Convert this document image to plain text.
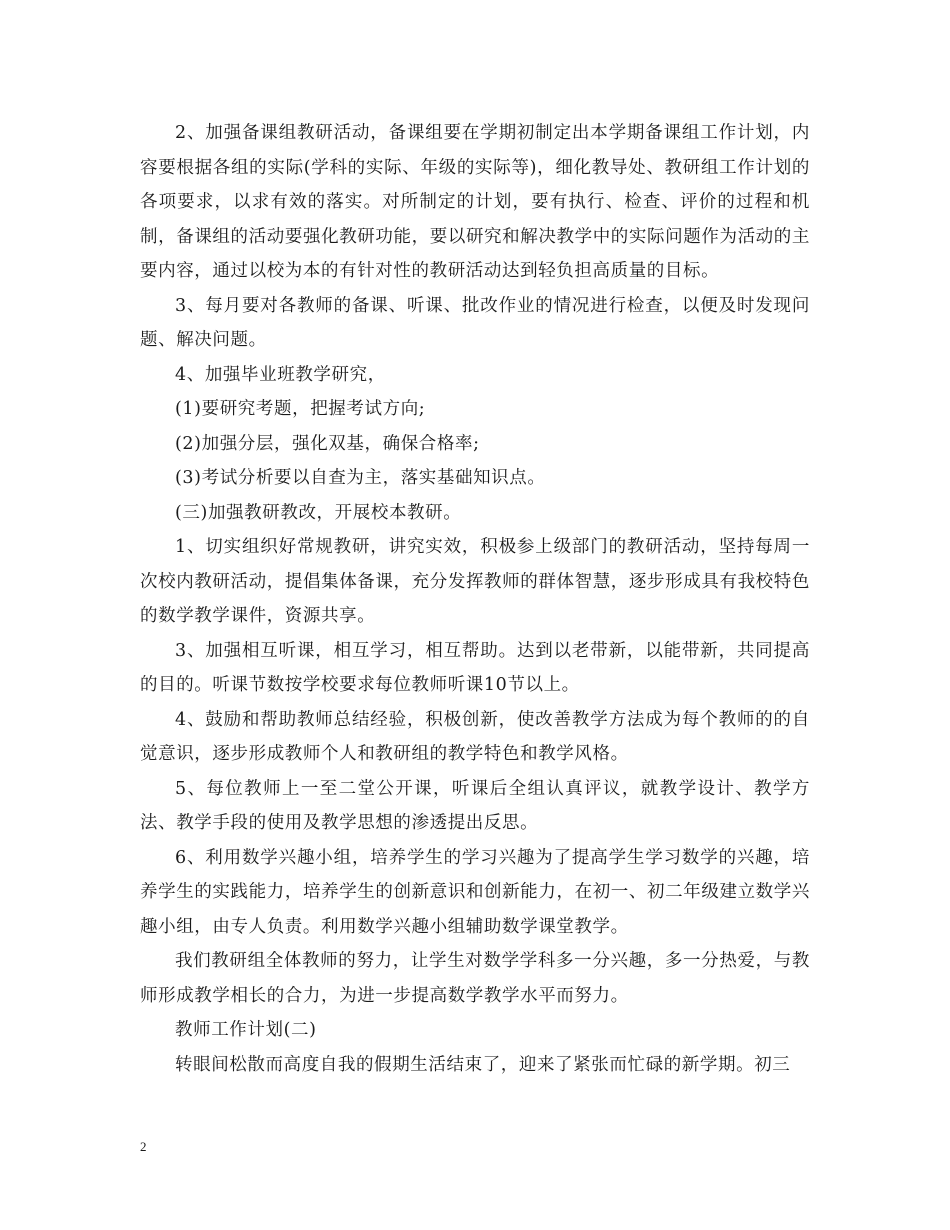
2、加强备课组教研活动，备课组要在学期初制定出本学期备课组工作计划，内容要根据各组的实际(学科的实际、年级的实际等)，细化教导处、教研组工作计划的各项要求，以求有效的落实。对所制定的计划，要有执行、检查、评价的过程和机制，备课组的活动要强化教研功能，要以研究和解决教学中的实际问题作为活动的主要内容，通过以校为本的有针对性的教研活动达到轻负担高质量的目标。

3、每月要对各教师的备课、听课、批改作业的情况进行检查，以便及时发现问题、解决问题。

4、加强毕业班教学研究，

(1)要研究考题，把握考试方向;

(2)加强分层，强化双基，确保合格率;

(3)考试分析要以自查为主，落实基础知识点。

(三)加强教研教改，开展校本教研。

1、切实组织好常规教研，讲究实效，积极参上级部门的教研活动，坚持每周一次校内教研活动，提倡集体备课，充分发挥教师的群体智慧，逐步形成具有我校特色的数学教学课件，资源共享。

3、加强相互听课，相互学习，相互帮助。达到以老带新，以能带新，共同提高的目的。听课节数按学校要求每位教师听课10节以上。

4、鼓励和帮助教师总结经验，积极创新，使改善教学方法成为每个教师的的自觉意识，逐步形成教师个人和教研组的教学特色和教学风格。

5、每位教师上一至二堂公开课，听课后全组认真评议，就教学设计、教学方法、教学手段的使用及教学思想的渗透提出反思。

6、利用数学兴趣小组，培养学生的学习兴趣为了提高学生学习数学的兴趣，培养学生的实践能力，培养学生的创新意识和创新能力，在初一、初二年级建立数学兴趣小组，由专人负责。利用数学兴趣小组辅助数学课堂教学。

我们教研组全体教师的努力，让学生对数学学科多一分兴趣，多一分热爱，与教师形成教学相长的合力，为进一步提高数学教学水平而努力。

教师工作计划(二)

转眼间松散而高度自我的假期生活结束了，迎来了紧张而忙碌的新学期。初三

2
